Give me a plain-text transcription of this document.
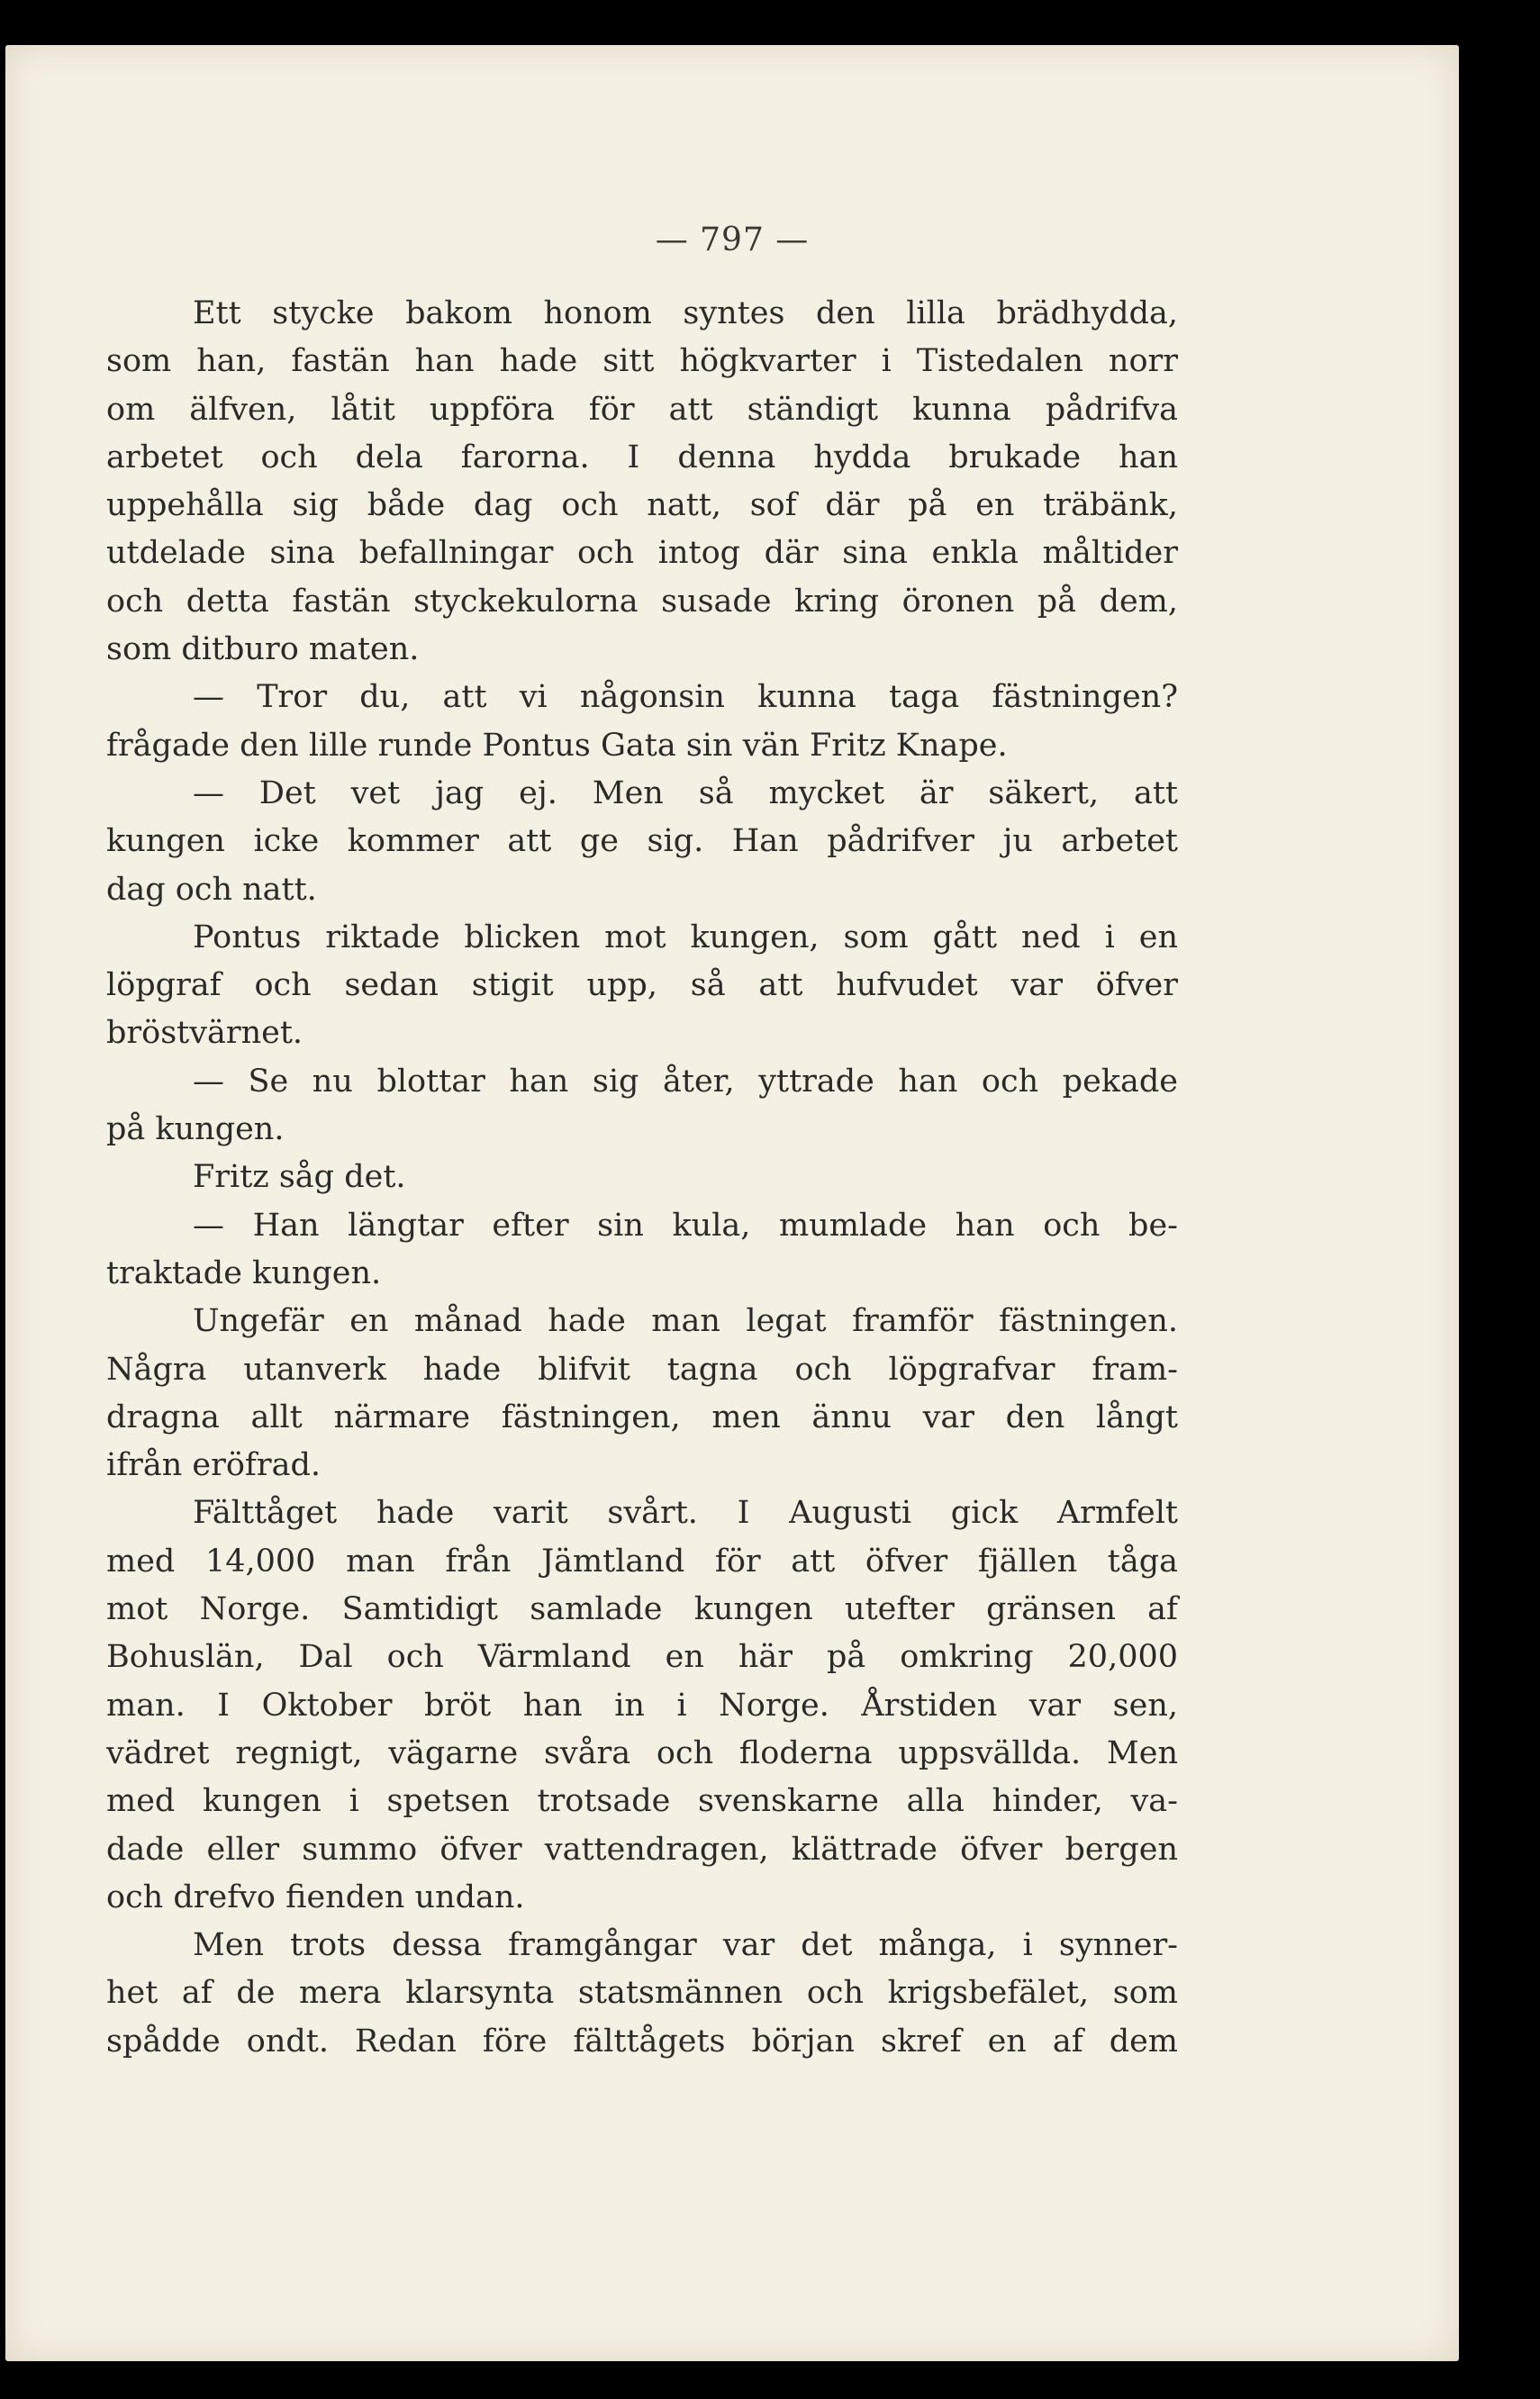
— 797 —
Ett stycke bakom honom syntes den lilla brädhydda,
som han, fastän han hade sitt högkvarter i Tistedalen norr
om älfven, låtit uppföra för att ständigt kunna pådrifva
arbetet och dela farorna. I denna hydda brukade han
uppehålla sig både dag och natt, sof där på en träbänk,
utdelade sina befallningar och intog där sina enkla måltider
och detta fastän styckekulorna susade kring öronen på dem,
som ditburo maten.
— Tror du, att vi någonsin kunna taga fästningen?
frågade den lille runde Pontus Gata sin vän Fritz Knape.
— Det vet jag ej. Men så mycket är säkert, att
kungen icke kommer att ge sig. Han pådrifver ju arbetet
dag och natt.
Pontus riktade blicken mot kungen, som gått ned i en
löpgraf och sedan stigit upp, så att hufvudet var öfver
bröstvärnet.
— Se nu blottar han sig åter, yttrade han och pekade
på kungen.
Fritz såg det.
— Han längtar efter sin kula, mumlade han och be-
traktade kungen.
Ungefär en månad hade man legat framför fästningen.
Några utanverk hade blifvit tagna och löpgrafvar fram-
dragna allt närmare fästningen, men ännu var den långt
ifrån eröfrad.
Fälttåget hade varit svårt. I Augusti gick Armfelt
med 14,000 man från Jämtland för att öfver fjällen tåga
mot Norge. Samtidigt samlade kungen utefter gränsen af
Bohuslän, Dal och Värmland en här på omkring 20,000
man. I Oktober bröt han in i Norge. Årstiden var sen,
vädret regnigt, vägarne svåra och floderna uppsvällda. Men
med kungen i spetsen trotsade svenskarne alla hinder, va-
dade eller summo öfver vattendragen, klättrade öfver bergen
och drefvo fienden undan.
Men trots dessa framgångar var det många, i synner-
het af de mera klarsynta statsmännen och krigsbefälet, som
spådde ondt. Redan före fälttågets början skref en af dem
